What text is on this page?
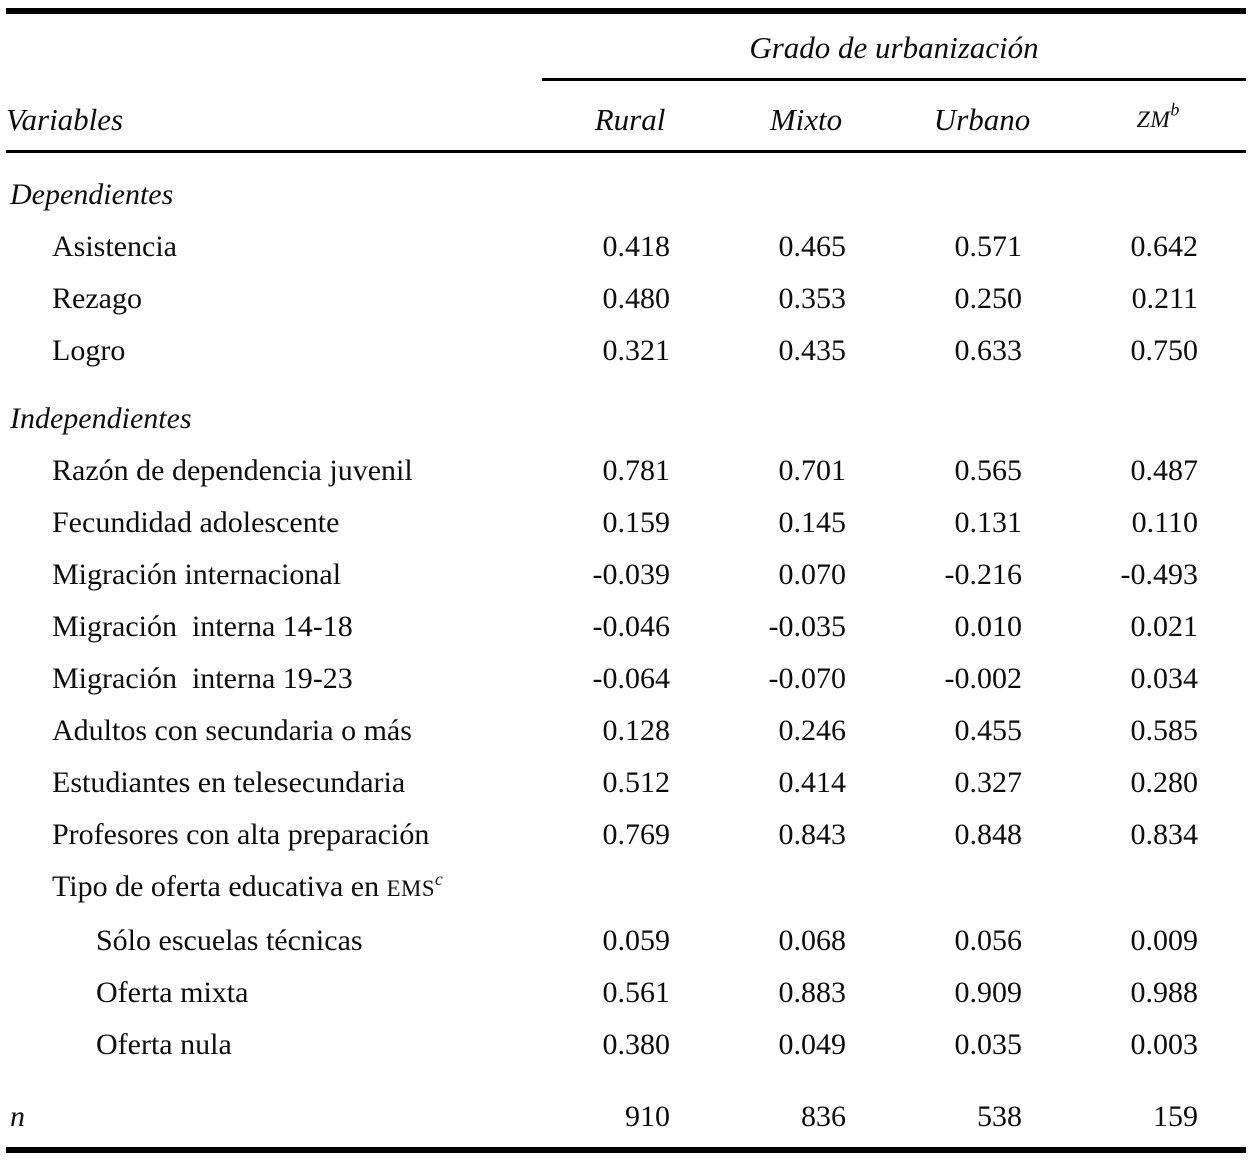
	Grado de urbanización			
Variables	Rural	Mixto	Urbano	ZM$^b$
Dependientes				
Asistencia	0.418	0.465	0.571	0.642
Rezago	0.480	0.353	0.250	0.211
Logro	0.321	0.435	0.633	0.750
Independientes				
Razón de dependencia juvenil	0.781	0.701	0.565	0.487
Fecundidad adolescente	0.159	0.145	0.131	0.110
Migración internacional	-0.039	0.070	-0.216	-0.493
Migración  interna 14-18	-0.046	-0.035	0.010	0.021
Migración  interna 19-23	-0.064	-0.070	-0.002	0.034
Adultos con secundaria o más	0.128	0.246	0.455	0.585
Estudiantes en telesecundaria	0.512	0.414	0.327	0.280
Profesores con alta preparación	0.769	0.843	0.848	0.834
Tipo de oferta educativa en EMS$^c$				
Sólo escuelas técnicas	0.059	0.068	0.056	0.009
Oferta mixta	0.561	0.883	0.909	0.988
Oferta nula	0.380	0.049	0.035	0.003
n	910	836	538	159
